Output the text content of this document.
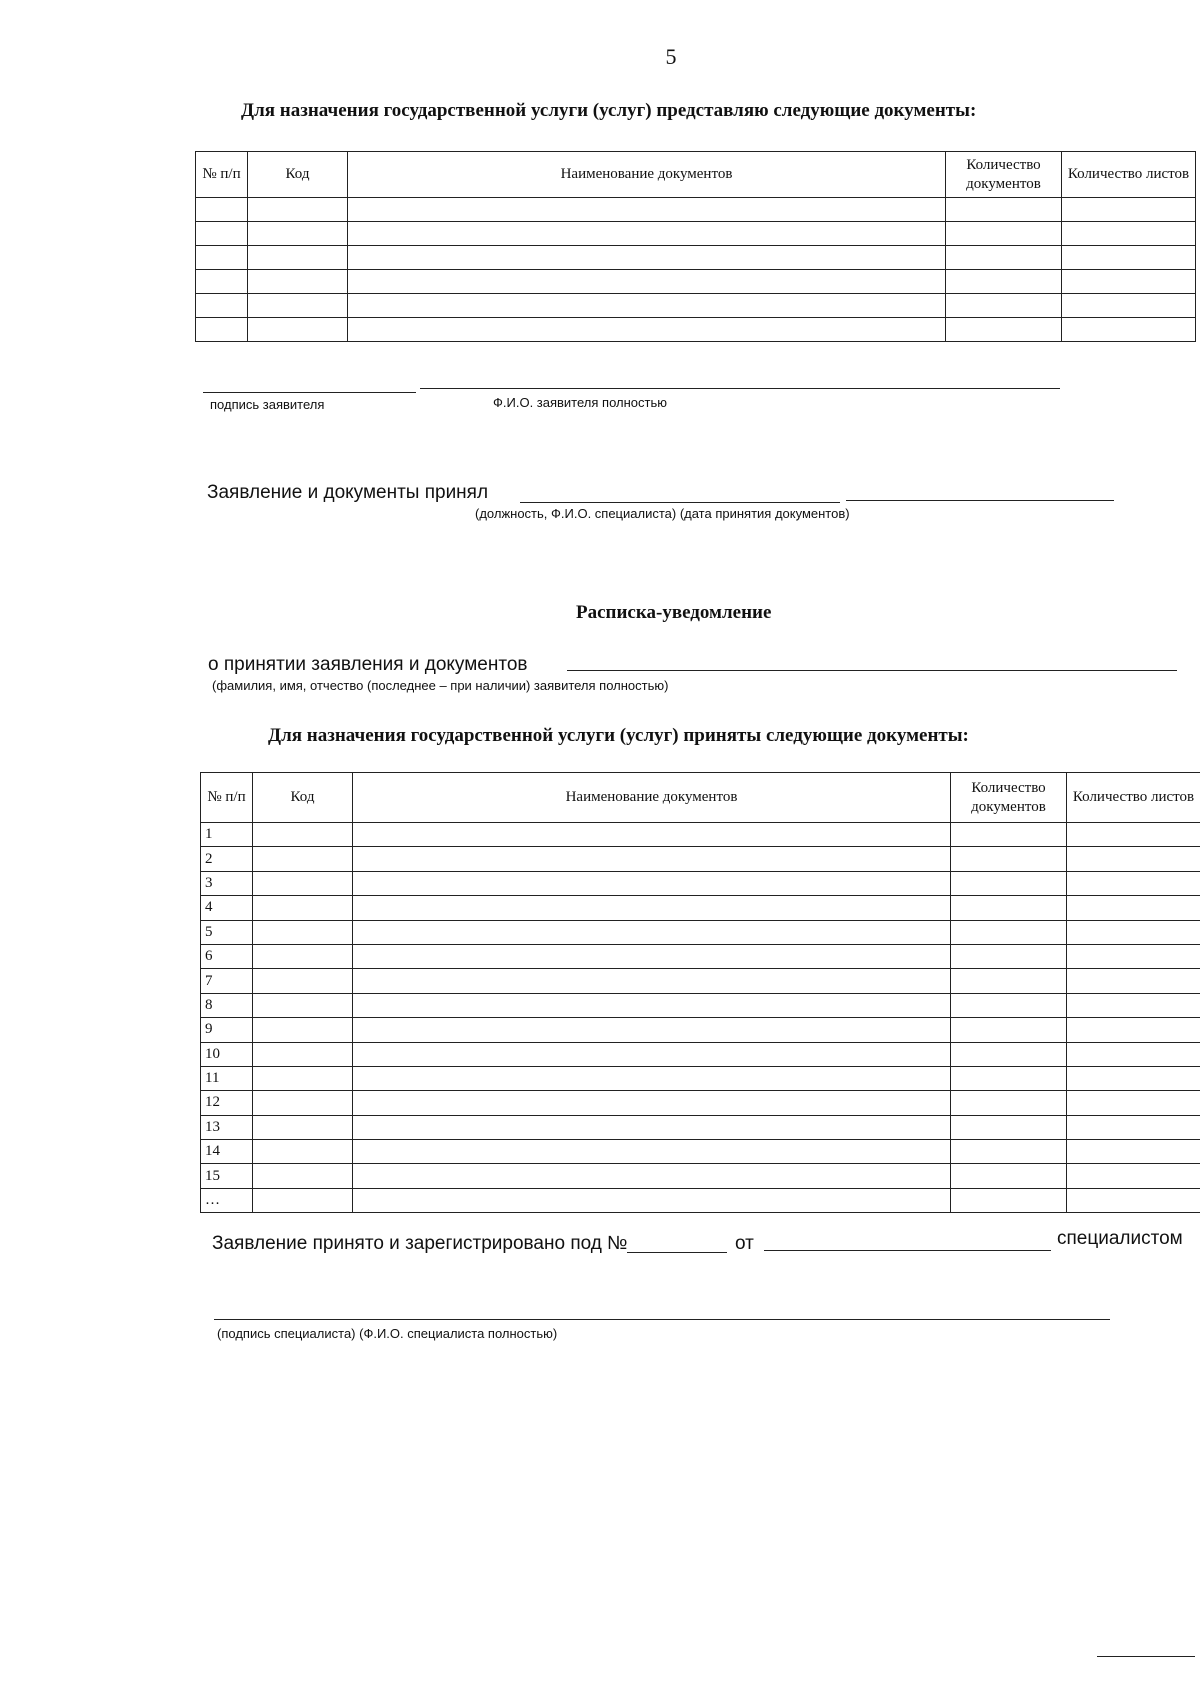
5
Для назначения государственной услуги (услуг) представляю следующие документы:
№ п/п	Код	Наименование документов	Количество документов	Количество листов

подпись заявителя	Ф.И.О. заявителя полностью
Заявление и документы принял
(должность, Ф.И.О. специалиста) (дата принятия документов)
Расписка-уведомление
о принятии заявления и документов
(фамилия, имя, отчество (последнее – при наличии) заявителя полностью)
Для назначения государственной услуги (услуг) приняты следующие документы:
№ п/п	Код	Наименование документов	Количество документов	Количество листов
1				
2				
3				
4				
5				
6				
7				
8				
9				
10				
11				
12				
13				
14				
15				
…				
Заявление принято и зарегистрировано под №	от	специалистом
(подпись специалиста) (Ф.И.О. специалиста полностью)
